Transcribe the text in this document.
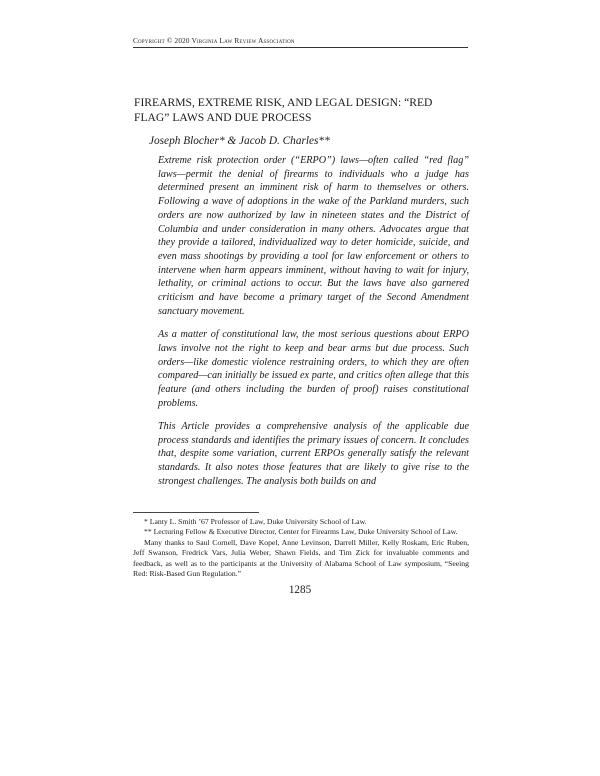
Copyright © 2020 Virginia Law Review Association
FIREARMS, EXTREME RISK, AND LEGAL DESIGN: “RED FLAG” LAWS AND DUE PROCESS
Joseph Blocher* & Jacob D. Charles**

Extreme risk protection order (“ERPO”) laws—often called “red flag” laws—permit the denial of firearms to individuals who a judge has determined present an imminent risk of harm to themselves or others. Following a wave of adoptions in the wake of the Parkland murders, such orders are now authorized by law in nineteen states and the District of Columbia and under consideration in many others. Advocates argue that they provide a tailored, individualized way to deter homicide, suicide, and even mass shootings by providing a tool for law enforcement or others to intervene when harm appears imminent, without having to wait for injury, lethality, or criminal actions to occur. But the laws have also garnered criticism and have become a primary target of the Second Amendment sanctuary movement.

As a matter of constitutional law, the most serious questions about ERPO laws involve not the right to keep and bear arms but due process. Such orders—like domestic violence restraining orders, to which they are often compared—can initially be issued ex parte, and critics often allege that this feature (and others including the burden of proof) raises constitutional problems.

This Article provides a comprehensive analysis of the applicable due process standards and identifies the primary issues of concern. It concludes that, despite some variation, current ERPOs generally satisfy the relevant standards. It also notes those features that are likely to give rise to the strongest challenges. The analysis both builds on and

* Lanty L. Smith ’67 Professor of Law, Duke University School of Law.

** Lecturing Fellow & Executive Director, Center for Firearms Law, Duke University School of Law.

Many thanks to Saul Cornell, Dave Kopel, Anne Levinson, Darrell Miller, Kelly Roskam, Eric Ruben, Jeff Swanson, Fredrick Vars, Julia Weber, Shawn Fields, and Tim Zick for invaluable comments and feedback, as well as to the participants at the University of Alabama School of Law symposium, “Seeing Red: Risk-Based Gun Regulation.”

1285
